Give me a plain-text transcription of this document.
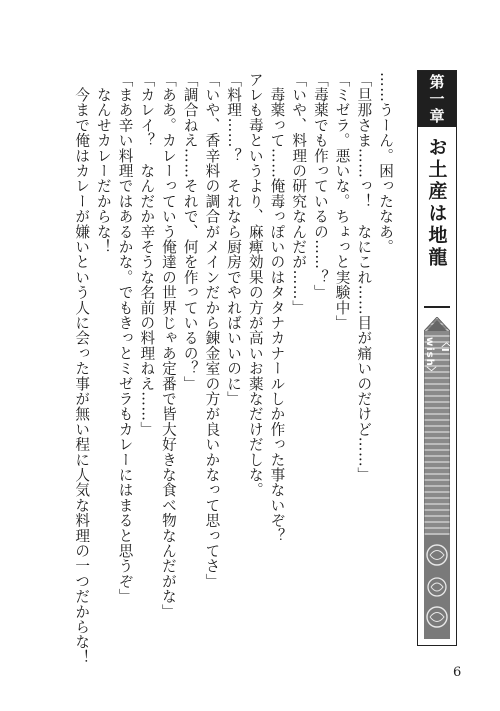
……うーん。困ったなあ。
「旦那さま……っ！　なにこれ……目が痛いのだけど……」
「ミゼラ。悪いな。ちょっと実験中」
「毒薬でも作っているの……？」
「いや、料理の研究なんだが……」
　毒薬って……俺毒っぽいのはタタナカナールしか作った事ないぞ？
アレも毒というより、麻痺効果の方が高いお薬なだけだしな。
「料理……？　それなら厨房でやればいいのに」
「いや、香辛料の調合がメインだから錬金室の方が良いかなって思ってさ」
「調合ねえ……それで、何を作っているの？」
「ああ。カレーっていう俺達の世界じゃあ定番で皆大好きな食べ物なんだがな」
「カレイ？　なんだか辛そうな名前の料理ねえ……」
「まあ辛い料理ではあるかな。でもきっとミゼラもカレーにはまると思うぞ」
　なんせカレーだからな！
　今まで俺はカレーが嫌いという人に会った事が無い程に人気な料理の一つだからな！	第一章
お土産は地龍
〈I wish〉
6
